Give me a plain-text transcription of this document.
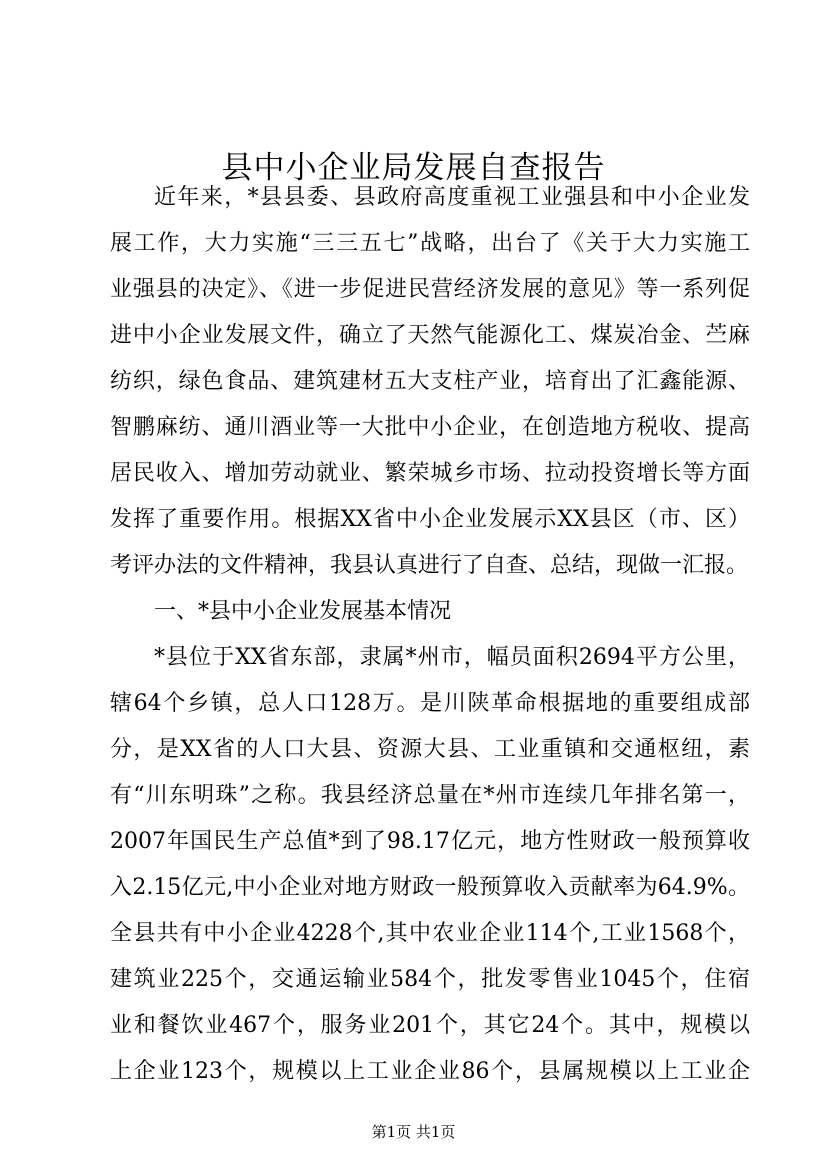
县中小企业局发展自查报告

近年来，*县县委、县政府高度重视工业强县和中小企业发

展工作，大力实施“三三五七”战略，出台了《关于大力实施工

业强县的决定》、《进一步促进民营经济发展的意见》等一系列促

进中小企业发展文件，确立了天然气能源化工、煤炭冶金、苎麻

纺织，绿色食品、建筑建材五大支柱产业，培育出了汇鑫能源、

智鹏麻纺、通川酒业等一大批中小企业，在创造地方税收、提高

居民收入、增加劳动就业、繁荣城乡市场、拉动投资增长等方面

发挥了重要作用。根据XX省中小企业发展示XX县区（市、区）

考评办法的文件精神，我县认真进行了自查、总结，现做一汇报。

一、*县中小企业发展基本情况

*县位于XX省东部，隶属*州市，幅员面积2694平方公里，

辖64个乡镇，总人口128万。是川陕革命根据地的重要组成部

分，是XX省的人口大县、资源大县、工业重镇和交通枢纽，素

有“川东明珠”之称。我县经济总量在*州市连续几年排名第一，

2007年国民生产总值*到了98.17亿元，地方性财政一般预算收

入2.15亿元,中小企业对地方财政一般预算收入贡献率为64.9%。

全县共有中小企业4228个,其中农业企业114个,工业1568个，

建筑业225个，交通运输业584个，批发零售业1045个，住宿

业和餐饮业467个，服务业201个，其它24个。其中，规模以

上企业123个，规模以上工业企业86个，县属规模以上工业企

第1页 共1页
